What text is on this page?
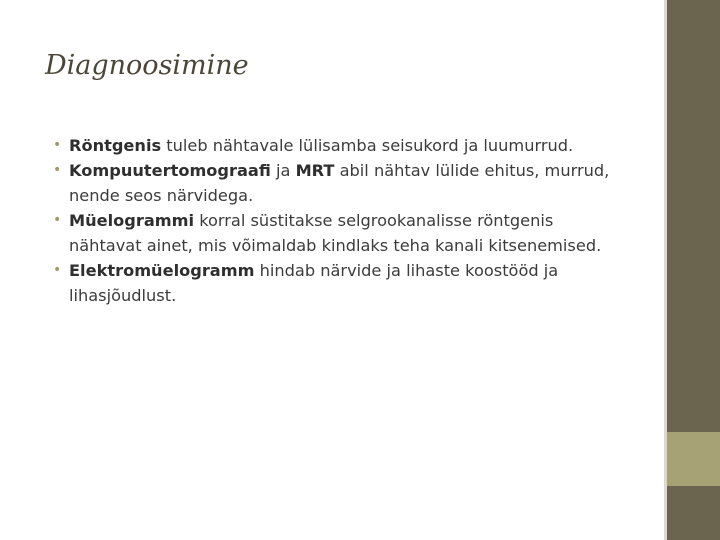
Diagnoosimine
• Röntgenis tuleb nähtavale lülisamba seisukord ja luumurrud.
• Kompuutertomograafi ja MRT abil nähtav lülide ehitus, murrud, nende seos närvidega.
• Müelogrammi korral süstitakse selgrookanalisse röntgenis nähtavat ainet, mis võimaldab kindlaks teha kanali kitsenemised.
• Elektromüelogramm hindab närvide ja lihaste koostööd ja lihasjõudlust.
